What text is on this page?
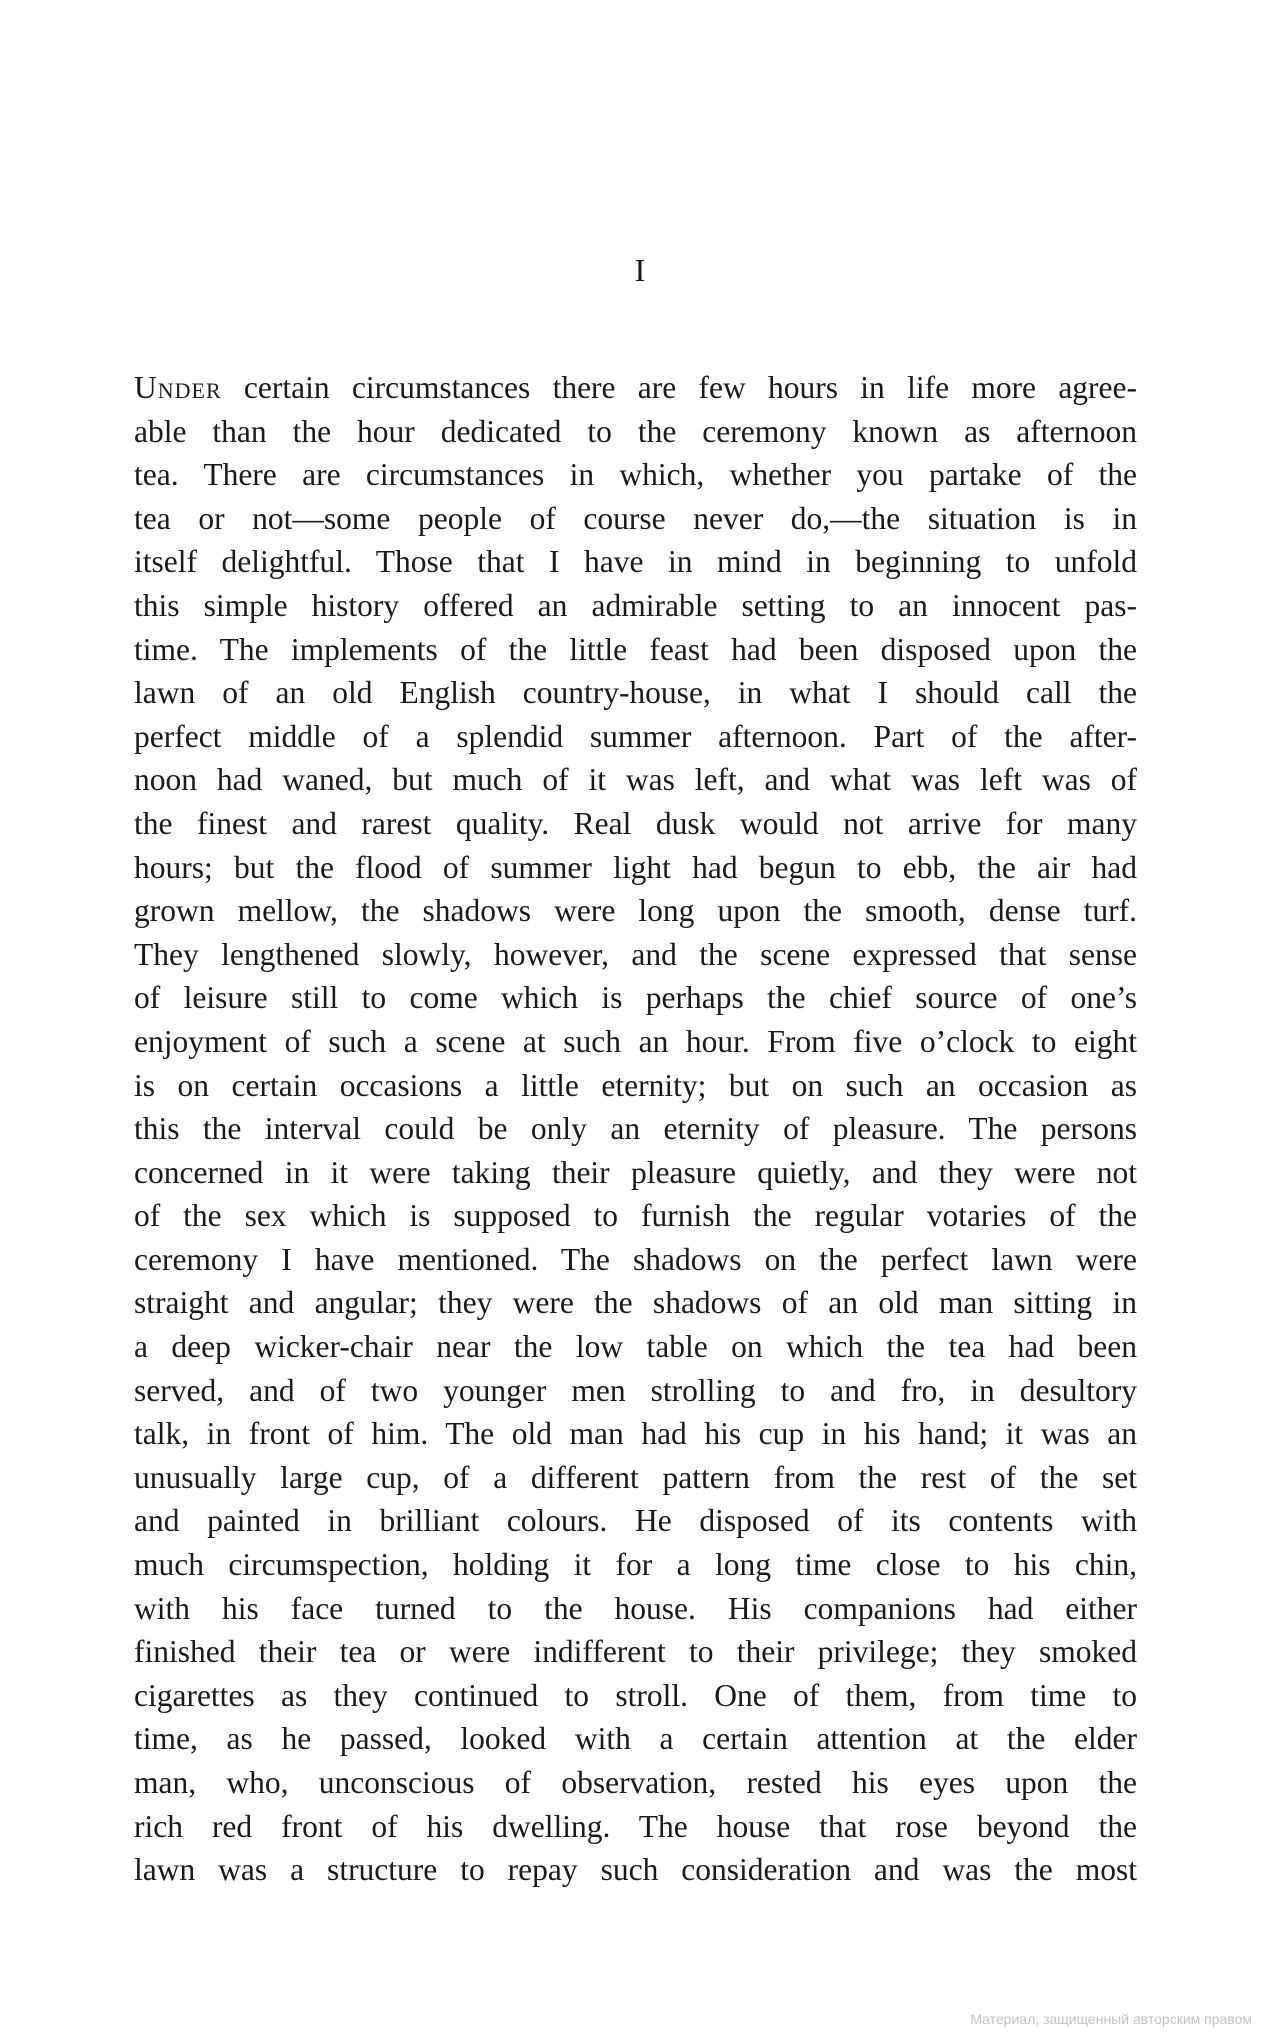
I
Under certain circumstances there are few hours in life more agree-
able than the hour dedicated to the ceremony known as afternoon
tea. There are circumstances in which, whether you partake of the
tea or not—some people of course never do,—the situation is in
itself delightful. Those that I have in mind in beginning to unfold
this simple history offered an admirable setting to an innocent pas-
time. The implements of the little feast had been disposed upon the
lawn of an old English country-house, in what I should call the
perfect middle of a splendid summer afternoon. Part of the after-
noon had waned, but much of it was left, and what was left was of
the finest and rarest quality. Real dusk would not arrive for many
hours; but the flood of summer light had begun to ebb, the air had
grown mellow, the shadows were long upon the smooth, dense turf.
They lengthened slowly, however, and the scene expressed that sense
of leisure still to come which is perhaps the chief source of one’s
enjoyment of such a scene at such an hour. From five o’clock to eight
is on certain occasions a little eternity; but on such an occasion as
this the interval could be only an eternity of pleasure. The persons
concerned in it were taking their pleasure quietly, and they were not
of the sex which is supposed to furnish the regular votaries of the
ceremony I have mentioned. The shadows on the perfect lawn were
straight and angular; they were the shadows of an old man sitting in
a deep wicker-chair near the low table on which the tea had been
served, and of two younger men strolling to and fro, in desultory
talk, in front of him. The old man had his cup in his hand; it was an
unusually large cup, of a different pattern from the rest of the set
and painted in brilliant colours. He disposed of its contents with
much circumspection, holding it for a long time close to his chin,
with his face turned to the house. His companions had either
finished their tea or were indifferent to their privilege; they smoked
cigarettes as they continued to stroll. One of them, from time to
time, as he passed, looked with a certain attention at the elder
man, who, unconscious of observation, rested his eyes upon the
rich red front of his dwelling. The house that rose beyond the
lawn was a structure to repay such consideration and was the most
Материал, защищенный авторским правом
